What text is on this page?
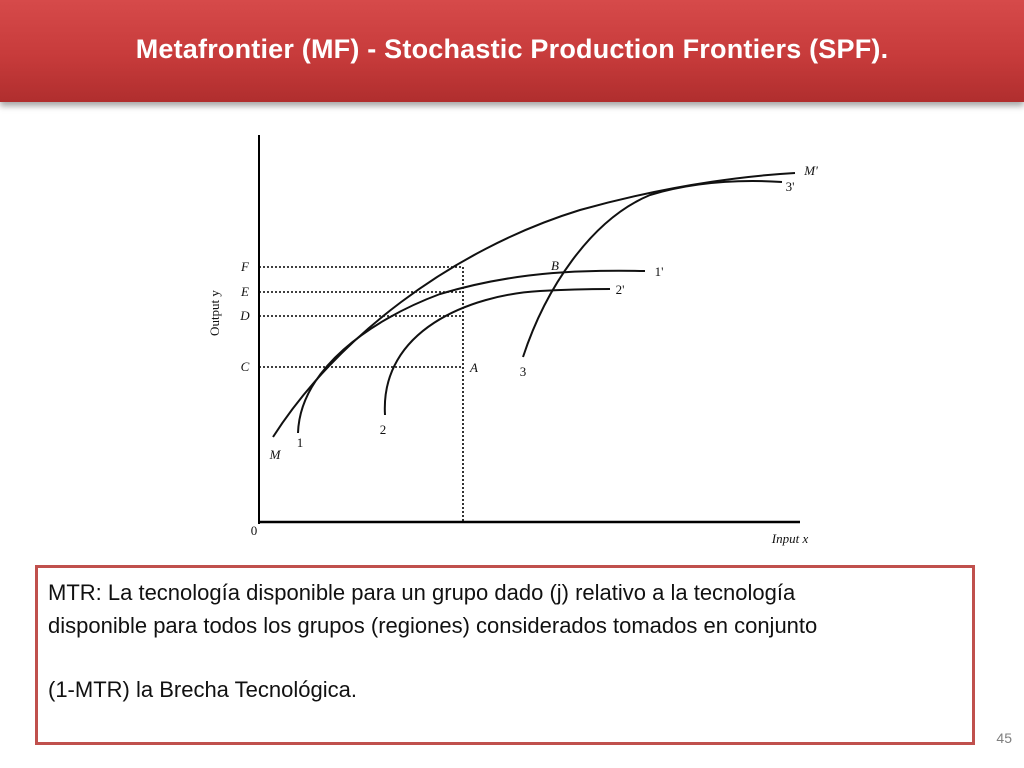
Metafrontier (MF) - Stochastic Production Frontiers (SPF).
Output y
Input x
0
F
E
D
C	A
B
M
M'
1
1'
2
2'
3
3'
MTR: La tecnología disponible para un grupo dado (j) relativo a la tecnología
disponible para todos los grupos (regiones) considerados tomados en conjunto
(1-MTR) la Brecha Tecnológica.
45
